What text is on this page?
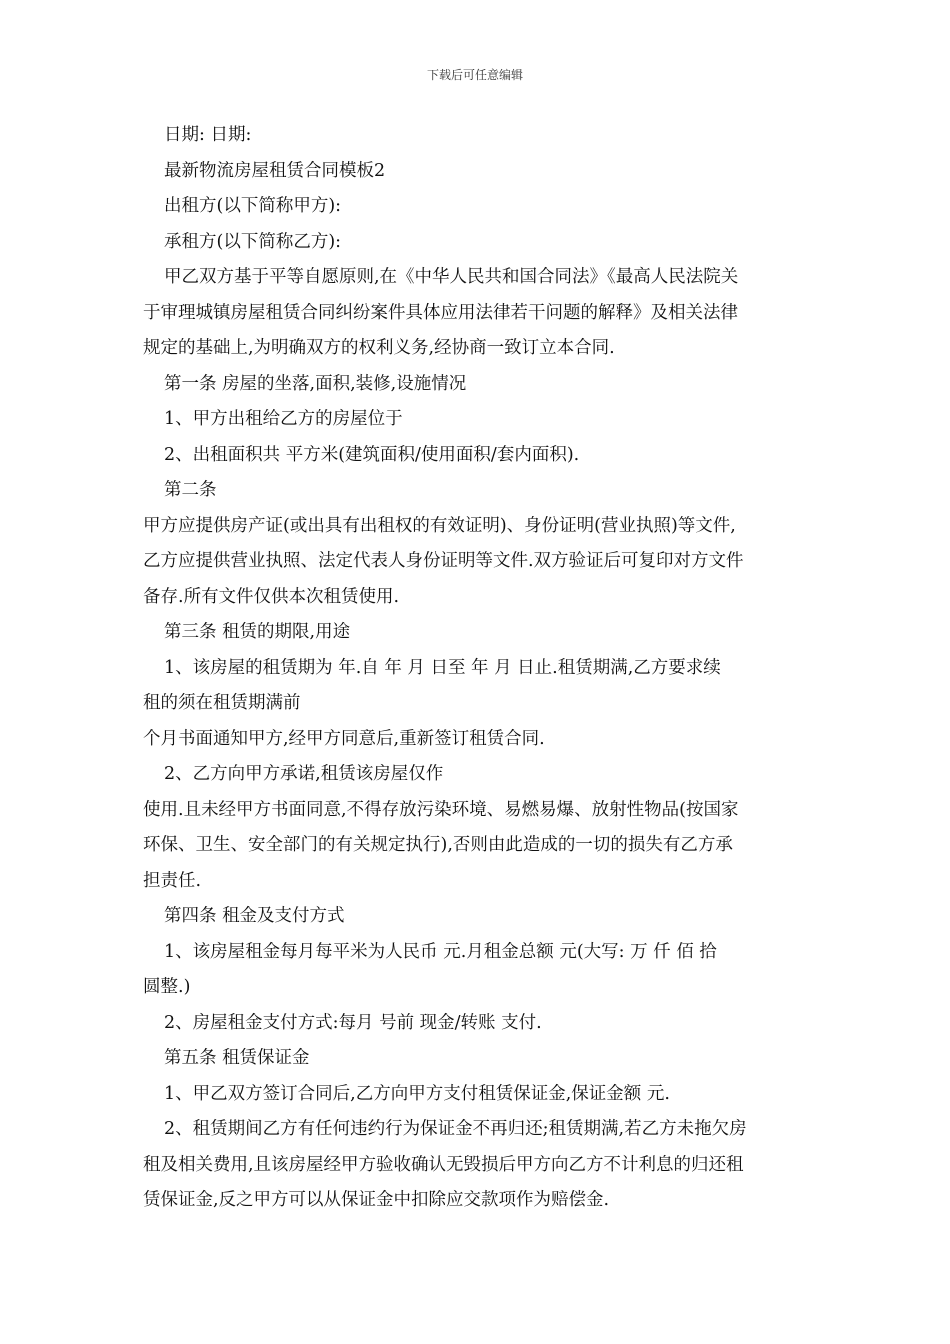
下载后可任意编辑

日期: 日期:

最新物流房屋租赁合同模板2

出租方(以下简称甲方):

承租方(以下简称乙方):

甲乙双方基于平等自愿原则,在《中华人民共和国合同法》《最高人民法院关

于审理城镇房屋租赁合同纠纷案件具体应用法律若干问题的解释》及相关法律

规定的基础上,为明确双方的权利义务,经协商一致订立本合同.

第一条 房屋的坐落,面积,装修,设施情况

1、甲方出租给乙方的房屋位于

2、出租面积共 平方米(建筑面积/使用面积/套内面积).

第二条

甲方应提供房产证(或出具有出租权的有效证明)、身份证明(营业执照)等文件,

乙方应提供营业执照、法定代表人身份证明等文件.双方验证后可复印对方文件

备存.所有文件仅供本次租赁使用.

第三条 租赁的期限,用途

1、该房屋的租赁期为 年.自 年 月 日至 年 月 日止.租赁期满,乙方要求续

租的须在租赁期满前

个月书面通知甲方,经甲方同意后,重新签订租赁合同.

2、乙方向甲方承诺,租赁该房屋仅作

使用.且未经甲方书面同意,不得存放污染环境、易燃易爆、放射性物品(按国家

环保、卫生、安全部门的有关规定执行),否则由此造成的一切的损失有乙方承

担责任.

第四条 租金及支付方式

1、该房屋租金每月每平米为人民币 元.月租金总额 元(大写: 万 仟 佰 拾

圆整.)

2、房屋租金支付方式:每月 号前 现金/转账 支付.

第五条 租赁保证金

1、甲乙双方签订合同后,乙方向甲方支付租赁保证金,保证金额 元.

2、租赁期间乙方有任何违约行为保证金不再归还;租赁期满,若乙方未拖欠房

租及相关费用,且该房屋经甲方验收确认无毁损后甲方向乙方不计利息的归还租

赁保证金,反之甲方可以从保证金中扣除应交款项作为赔偿金.
